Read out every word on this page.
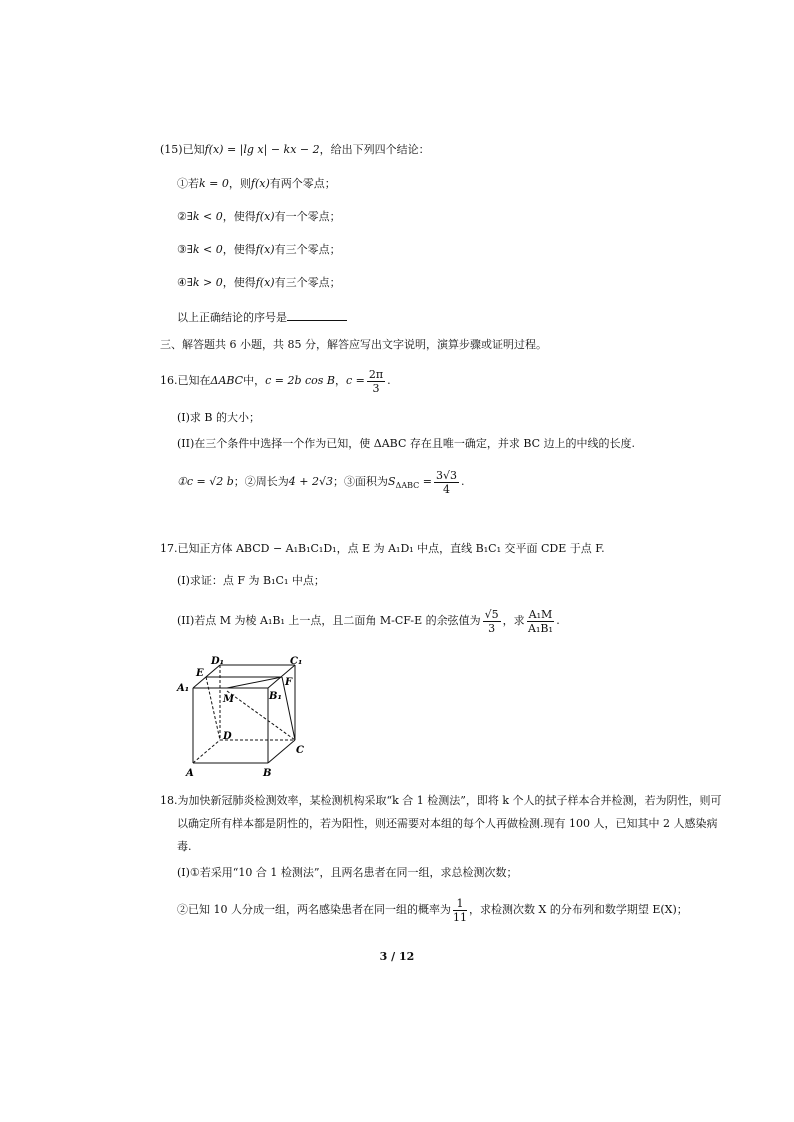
(15)已知f(x) = |lg x| − kx − 2，给出下列四个结论：
①若k = 0，则f(x)有两个零点；
②∃k < 0，使得f(x)有一个零点；
③∃k < 0，使得f(x)有三个零点；
④∃k > 0，使得f(x)有三个零点；
以上正确结论的序号是
三、解答题共 6 小题，共 85 分，解答应写出文字说明，演算步骤或证明过程。
16.已知在ΔABC中，c = 2b cos B，$c = \frac{2\pi}{3}$ .
(I)求 B 的大小；
(II)在三个条件中选择一个作为已知，使 ΔABC 存在且唯一确定，并求 BC 边上的中线的长度.
①c = √2 b；②周长为4 + 2√3；③面积为$S_{\Delta ABC} = \frac{3√3}{4}$ .
17.已知正方体 ABCD − A₁B₁C₁D₁，点 E 为 A₁D₁ 中点，直线 B₁C₁ 交平面 CDE 于点 F.
(I)求证：点 F 为 B₁C₁ 中点；
(II)若点 M 为棱 A₁B₁ 上一点，且二面角 M-CF-E 的余弦值为 $\frac{√5}{3}$ ，求 $\frac{\text{A₁M}}{\text{A₁B₁}}$ .
D₁	C₁
E
A₁
B₁
F
M
D
C
A	B
18.为加快新冠肺炎检测效率，某检测机构采取“k 合 1 检测法”，即将 k 个人的拭子样本合并检测，若为阴性，则可
以确定所有样本都是阴性的，若为阳性，则还需要对本组的每个人再做检测.现有 100 人，已知其中 2 人感染病
毒.
(I)①若采用“10 合 1 检测法”，且两名患者在同一组，求总检测次数；
②已知 10 人分成一组，两名感染患者在同一组的概率为 $\frac{1}{11}$ ，求检测次数 X 的分布列和数学期望 E(X)；
3 / 12
